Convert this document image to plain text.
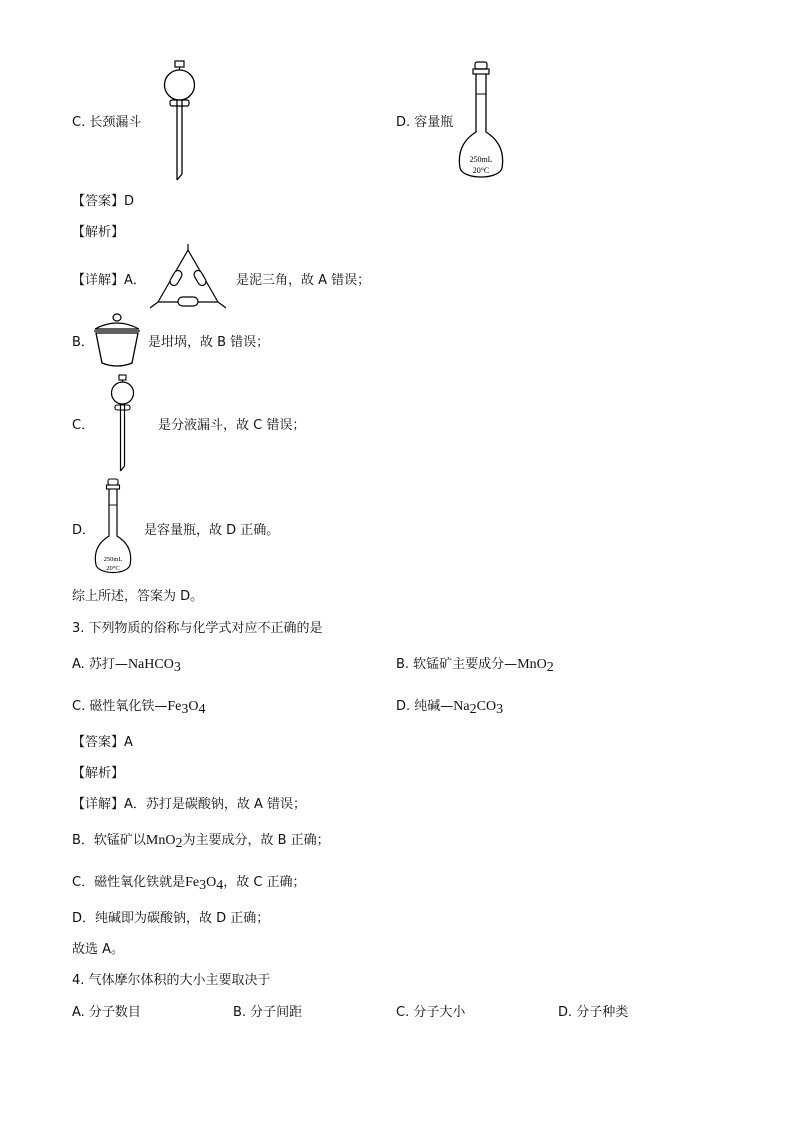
C. 长颈漏斗	D. 容量瓶
250mL
20°C
【答案】D
【解析】
【详解】A．	是泥三角，故 A 错误；
B．	是坩埚，故 B 错误；
C．	是分液漏斗，故 C 错误；
D．
250mL
20°C
是容量瓶，故 D 正确。
综上所述，答案为 D。
3. 下列物质的俗称与化学式对应不正确的是
A. 苏打—NaHCO$_3$	B. 软锰矿主要成分—MnO$_2$
C. 磁性氧化铁$—Fe_3O_4$	D. 纯碱$—Na_2CO_3$
【答案】A
【解析】
【详解】A．苏打是碳酸钠，故 A 错误；
B．软锰矿以MnO$_2$为主要成分，故 B 正确；
C．磁性氧化铁就是$Fe_3O_4$，故 C 正确；
D．纯碱即为碳酸钠，故 D 正确；
故选 A。
4. 气体摩尔体积的大小主要取决于
A. 分子数目	B. 分子间距	C. 分子大小	D. 分子种类
